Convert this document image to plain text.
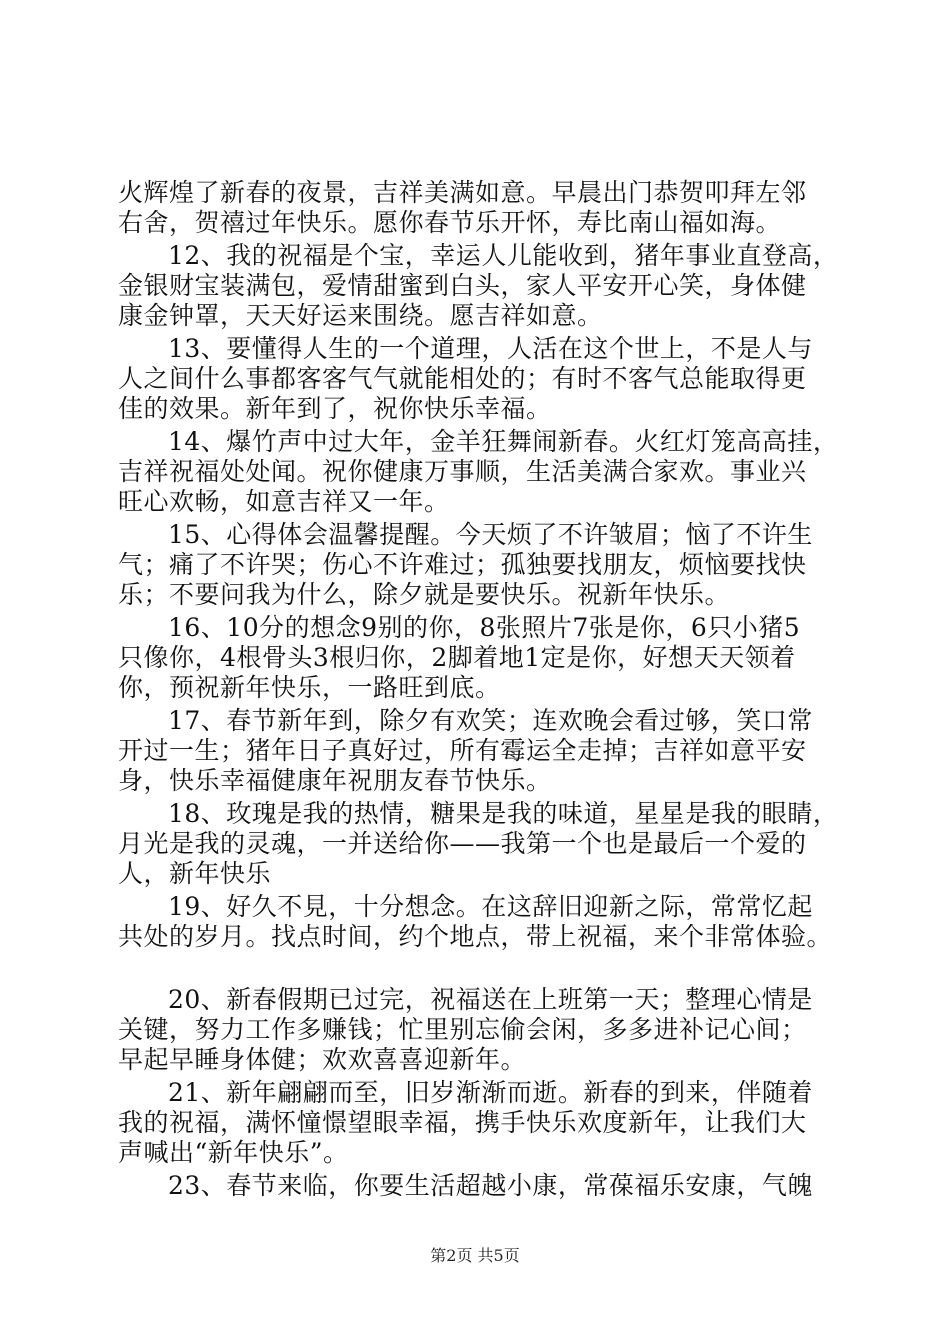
火辉煌了新春的夜景，吉祥美满如意。早晨出门恭贺叩拜左邻
右舍，贺禧过年快乐。愿你春节乐开怀，寿比南山福如海。
12、我的祝福是个宝，幸运人儿能收到，猪年事业直登高，
金银财宝装满包，爱情甜蜜到白头，家人平安开心笑，身体健
康金钟罩，天天好运来围绕。愿吉祥如意。
13、要懂得人生的一个道理，人活在这个世上，不是人与
人之间什么事都客客气气就能相处的；有时不客气总能取得更
佳的效果。新年到了，祝你快乐幸福。
14、爆竹声中过大年，金羊狂舞闹新春。火红灯笼高高挂，
吉祥祝福处处闻。祝你健康万事顺，生活美满合家欢。事业兴
旺心欢畅，如意吉祥又一年。
15、心得体会温馨提醒。今天烦了不许皱眉；恼了不许生
气；痛了不许哭；伤心不许难过；孤独要找朋友，烦恼要找快
乐；不要问我为什么，除夕就是要快乐。祝新年快乐。
16、10分的想念9别的你，8张照片7张是你，6只小猪5
只像你，4根骨头3根归你，2脚着地1定是你，好想天天领着
你，预祝新年快乐，一路旺到底。
17、春节新年到，除夕有欢笑；连欢晚会看过够，笑口常
开过一生；猪年日子真好过，所有霉运全走掉；吉祥如意平安
身，快乐幸福健康年祝朋友春节快乐。
18、玫瑰是我的热情，糖果是我的味道，星星是我的眼睛，
月光是我的灵魂，一并送给你——我第一个也是最后一个爱的
人，新年快乐
19、好久不見，十分想念。在这辞旧迎新之际，常常忆起
共处的岁月。找点时间，约个地点，带上祝福，来个非常体验。
20、新春假期已过完，祝福送在上班第一天；整理心情是
关键，努力工作多赚钱；忙里别忘偷会闲，多多进补记心间；
早起早睡身体健；欢欢喜喜迎新年。
21、新年翩翩而至，旧岁渐渐而逝。新春的到来，伴随着
我的祝福，满怀憧憬望眼幸福，携手快乐欢度新年，让我们大
声喊出“新年快乐”。
23、春节来临，你要生活超越小康，常葆福乐安康，气魄
第2页 共5页
